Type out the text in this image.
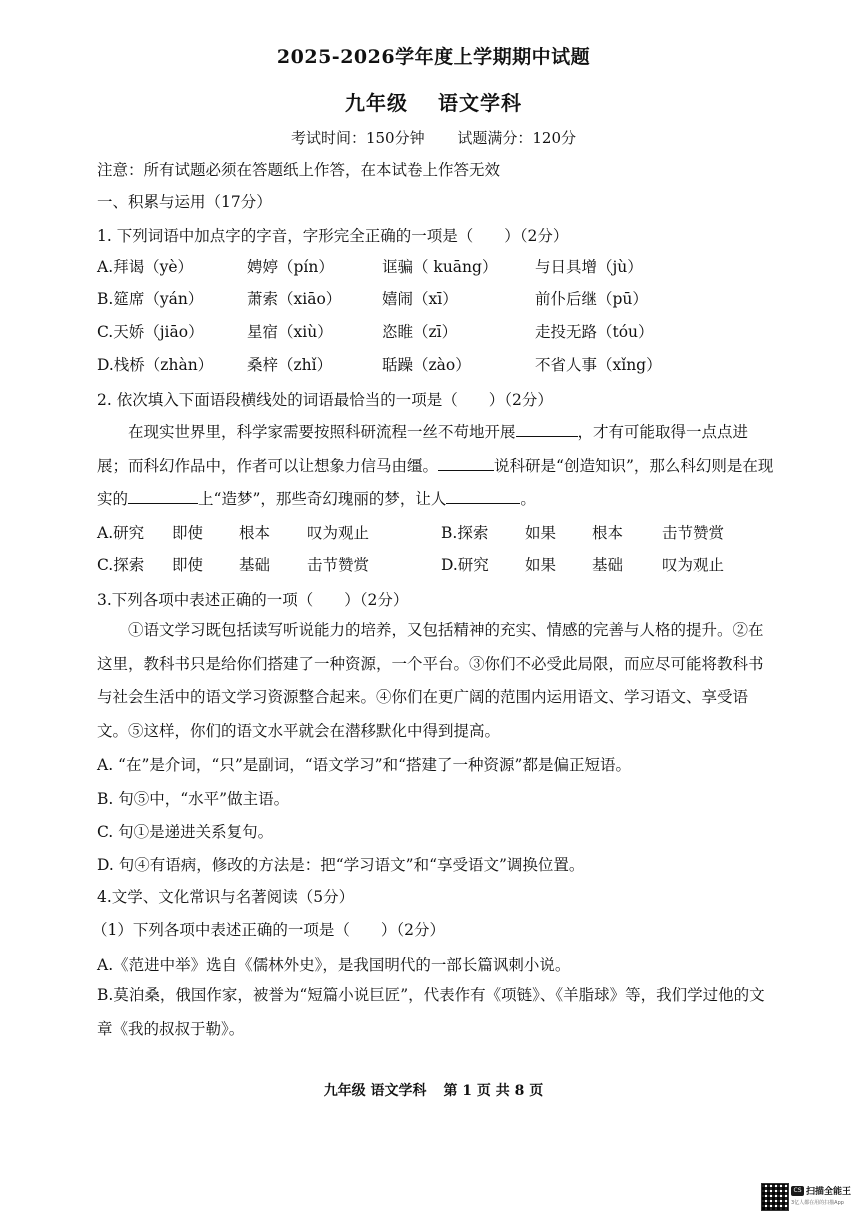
2025-2026学年度上学期期中试题
九年级 语文学科
考试时间：150分钟 试题满分：120分
注意：所有试题必须在答题纸上作答，在本试卷上作答无效
一、积累与运用（17分）
1. 下列词语中加点字的字音，字形完全正确的一项是（　　）（2分）
A.拜谒（yè）	娉婷（pín）	诓骗（ kuāng） 与日具增（jù）
B.筵席（yán）	萧索（xiāo）	嬉闹（xī）	前仆后继（pū）
C.天娇（jiāo）	星宿（xiù）	恣睢（zī）	走投无路（tóu）
D.栈桥（zhàn） 桑梓（zhǐ）	聒躁（zào）	不省人事（xǐng）
2. 依次填入下面语段横线处的词语最恰当的一项是（　　）（2分）
在现实世界里，科学家需要按照科研流程一丝不苟地开展	，才有可能取得一点点进展；而科幻作品中，作者可以让想象力信马由缰。	说科研是“创造知识”，那么科幻则是在现实的	上“造梦”，那些奇幻瑰丽的梦，让人	。
A.研究 即使 根本 叹为观止	B.探索 如果 根本	击节赞赏
C.探索 即使 基础 击节赞赏	D.研究 如果 基础	叹为观止
3.下列各项中表述正确的一项（　　）（2分）
①语文学习既包括读写听说能力的培养，又包括精神的充实、情感的完善与人格的提升。②在这里，教科书只是给你们搭建了一种资源，一个平台。③你们不必受此局限，而应尽可能将教科书与社会生活中的语文学习资源整合起来。④你们在更广阔的范围内运用语文、学习语文、享受语文。⑤这样，你们的语文水平就会在潜移默化中得到提高。
A. “在”是介词，“只”是副词，“语文学习”和“搭建了一种资源”都是偏正短语。
B. 句⑤中，“水平”做主语。
C. 句①是递进关系复句。
D. 句④有语病，修改的方法是：把“学习语文”和“享受语文”调换位置。
4.文学、文化常识与名著阅读（5分）
（1）下列各项中表述正确的一项是（　　）（2分）
A.《范进中举》选自《儒林外史》，是我国明代的一部长篇讽刺小说。
B.莫泊桑，俄国作家，被誉为“短篇小说巨匠”，代表作有《项链》、《羊脂球》等，我们学过他的文章《我的叔叔于勒》。
九年级 语文学科 第 1 页 共 8 页
CS 扫描全能王
3亿人都在用的扫描App
